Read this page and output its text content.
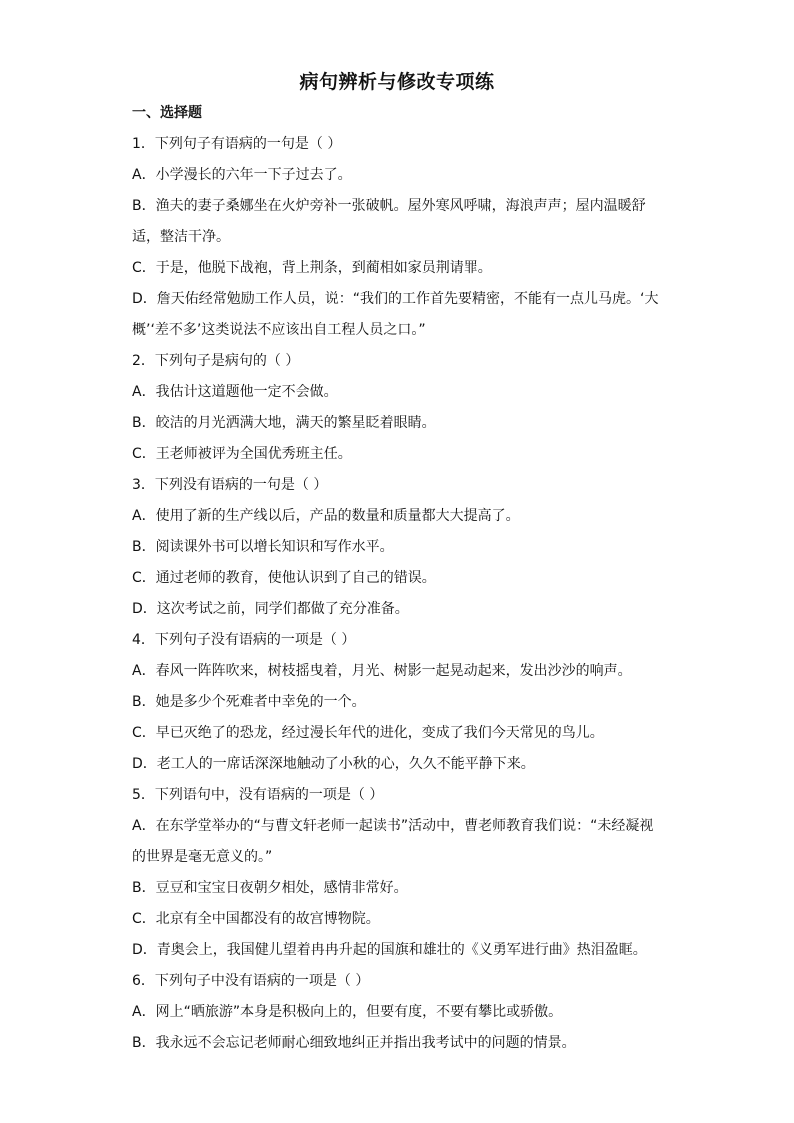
病句辨析与修改专项练
一、选择题
1．下列句子有语病的一句是（ ）
A．小学漫长的六年一下子过去了。
B．渔夫的妻子桑娜坐在火炉旁补一张破帆。屋外寒风呼啸，海浪声声；屋内温暖舒
适，整洁干净。
C．于是，他脱下战袍，背上荆条，到蔺相如家员荆请罪。
D．詹天佑经常勉励工作人员，说：“我们的工作首先要精密，不能有一点儿马虎。‘大
概’‘差不多’这类说法不应该出自工程人员之口。”
2．下列句子是病句的（ ）
A．我估计这道题他一定不会做。
B．皎洁的月光洒满大地，满天的繁星眨着眼睛。
C．王老师被评为全国优秀班主任。
3．下列没有语病的一句是（ ）
A．使用了新的生产线以后，产品的数量和质量都大大提高了。
B．阅读课外书可以增长知识和写作水平。
C．通过老师的教育，使他认识到了自己的错误。
D．这次考试之前，同学们都做了充分准备。
4．下列句子没有语病的一项是（ ）
A．春风一阵阵吹来，树枝摇曳着，月光、树影一起晃动起来，发出沙沙的响声。
B．她是多少个死难者中幸免的一个。
C．早已灭绝了的恐龙，经过漫长年代的进化，变成了我们今天常见的鸟儿。
D．老工人的一席话深深地触动了小秋的心，久久不能平静下来。
5．下列语句中，没有语病的一项是（ ）
A．在东学堂举办的“与曹文轩老师一起读书”活动中，曹老师教育我们说：“未经凝视
的世界是毫无意义的。”
B．豆豆和宝宝日夜朝夕相处，感情非常好。
C．北京有全中国都没有的故宫博物院。
D．青奥会上，我国健儿望着冉冉升起的国旗和雄壮的《义勇军进行曲》热泪盈眶。
6．下列句子中没有语病的一项是（ ）
A．网上“晒旅游”本身是积极向上的，但要有度，不要有攀比或骄傲。
B．我永远不会忘记老师耐心细致地纠正并指出我考试中的问题的情景。
